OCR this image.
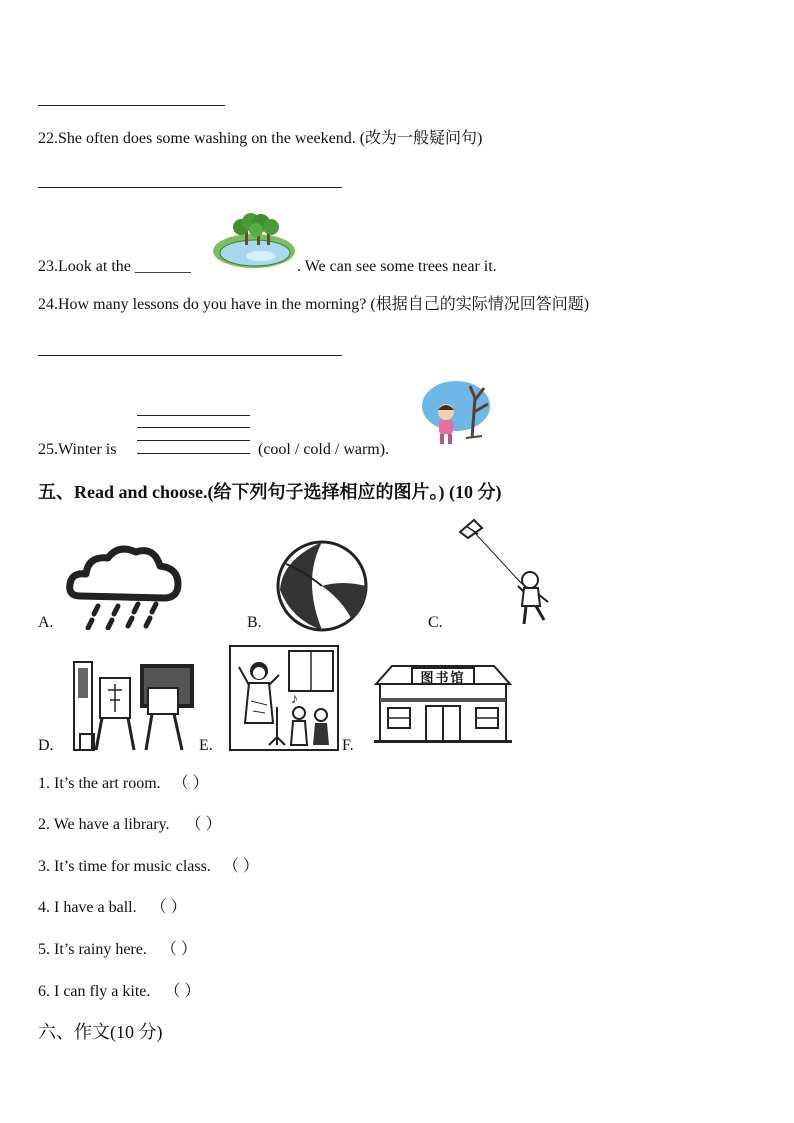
22.She often does some washing on the weekend. (改为一般疑问句)
23.Look at the _______	. We can see some trees near it.
24.How many lessons do you have in the morning? (根据自己的实际情况回答问题)
25.Winter is	(cool / cold / warm).
五、Read and choose.(给下列句子选择相应的图片。) (10 分)
A.	B.	C.
D.	E.
♪
F.
图书馆
1. It’s the art room. （ ）
2. We have a library. （ ）
3. It’s time for music class. （ ）
4. I have a ball. （ ）
5. It’s rainy here. （ ）
6. I can fly a kite. （ ）
六、作文(10 分)
